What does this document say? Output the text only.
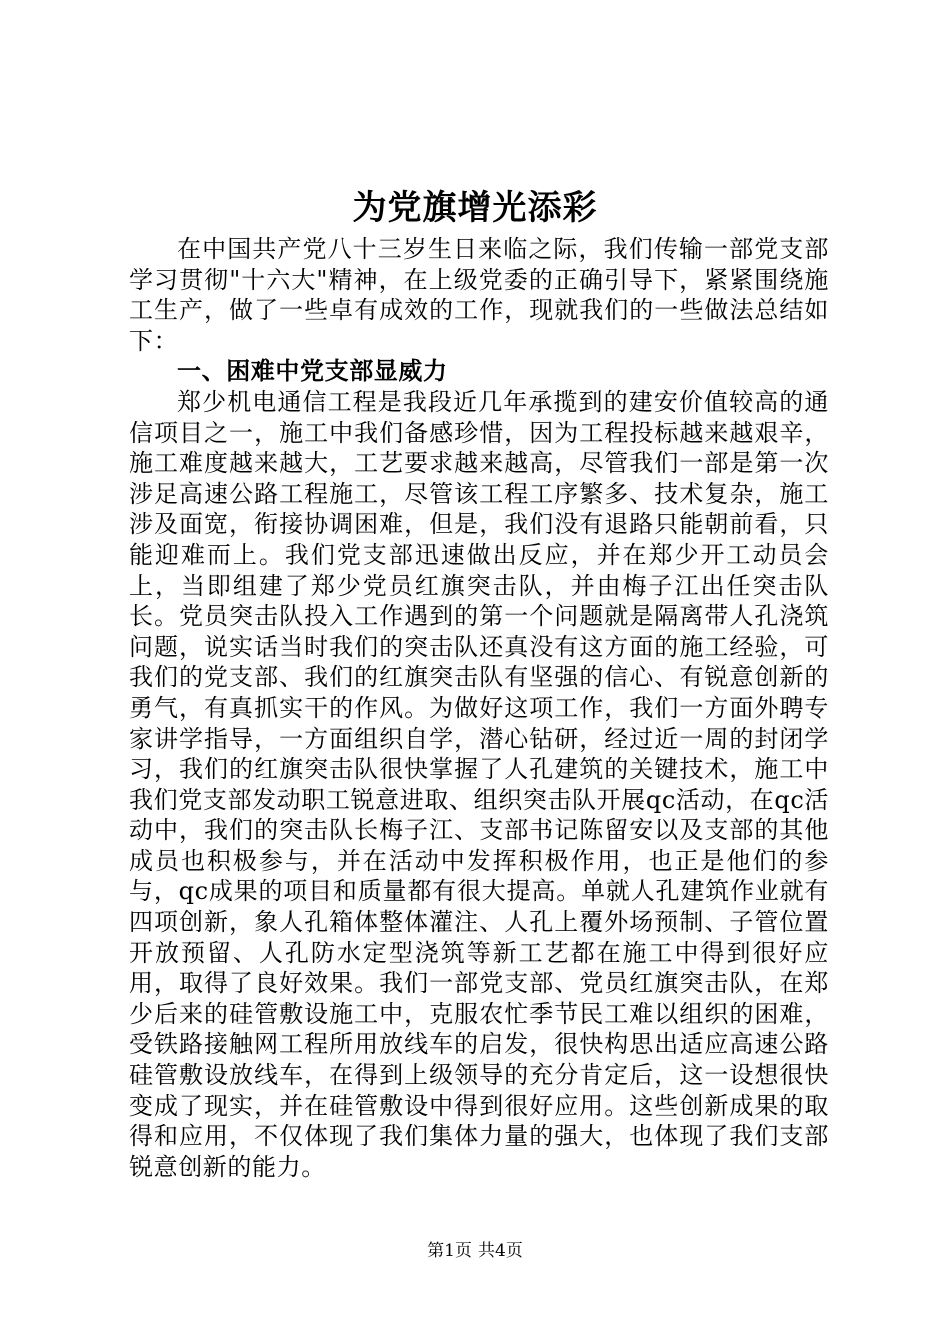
为党旗增光添彩

在中国共产党八十三岁生日来临之际，我们传输一部党支部学习贯彻"十六大"精神，在上级党委的正确引导下，紧紧围绕施工生产，做了一些卓有成效的工作，现就我们的一些做法总结如下：

一、困难中党支部显威力

郑少机电通信工程是我段近几年承揽到的建安价值较高的通信项目之一，施工中我们备感珍惜，因为工程投标越来越艰辛，施工难度越来越大，工艺要求越来越高，尽管我们一部是第一次涉足高速公路工程施工，尽管该工程工序繁多、技术复杂，施工涉及面宽，衔接协调困难，但是，我们没有退路只能朝前看，只能迎难而上。我们党支部迅速做出反应，并在郑少开工动员会上，当即组建了郑少党员红旗突击队，并由梅子江出任突击队长。党员突击队投入工作遇到的第一个问题就是隔离带人孔浇筑问题，说实话当时我们的突击队还真没有这方面的施工经验，可我们的党支部、我们的红旗突击队有坚强的信心、有锐意创新的勇气，有真抓实干的作风。为做好这项工作，我们一方面外聘专家讲学指导，一方面组织自学，潜心钻研，经过近一周的封闭学习，我们的红旗突击队很快掌握了人孔建筑的关键技术，施工中我们党支部发动职工锐意进取、组织突击队开展qc活动，在qc活动中，我们的突击队长梅子江、支部书记陈留安以及支部的其他成员也积极参与，并在活动中发挥积极作用，也正是他们的参与，qc成果的项目和质量都有很大提高。单就人孔建筑作业就有四项创新，象人孔箱体整体灌注、人孔上覆外场预制、子管位置开放预留、人孔防水定型浇筑等新工艺都在施工中得到很好应用，取得了良好效果。我们一部党支部、党员红旗突击队，在郑少后来的硅管敷设施工中，克服农忙季节民工难以组织的困难，受铁路接触网工程所用放线车的启发，很快构思出适应高速公路硅管敷设放线车，在得到上级领导的充分肯定后，这一设想很快变成了现实，并在硅管敷设中得到很好应用。这些创新成果的取得和应用，不仅体现了我们集体力量的强大，也体现了我们支部锐意创新的能力。

第1页 共4页
